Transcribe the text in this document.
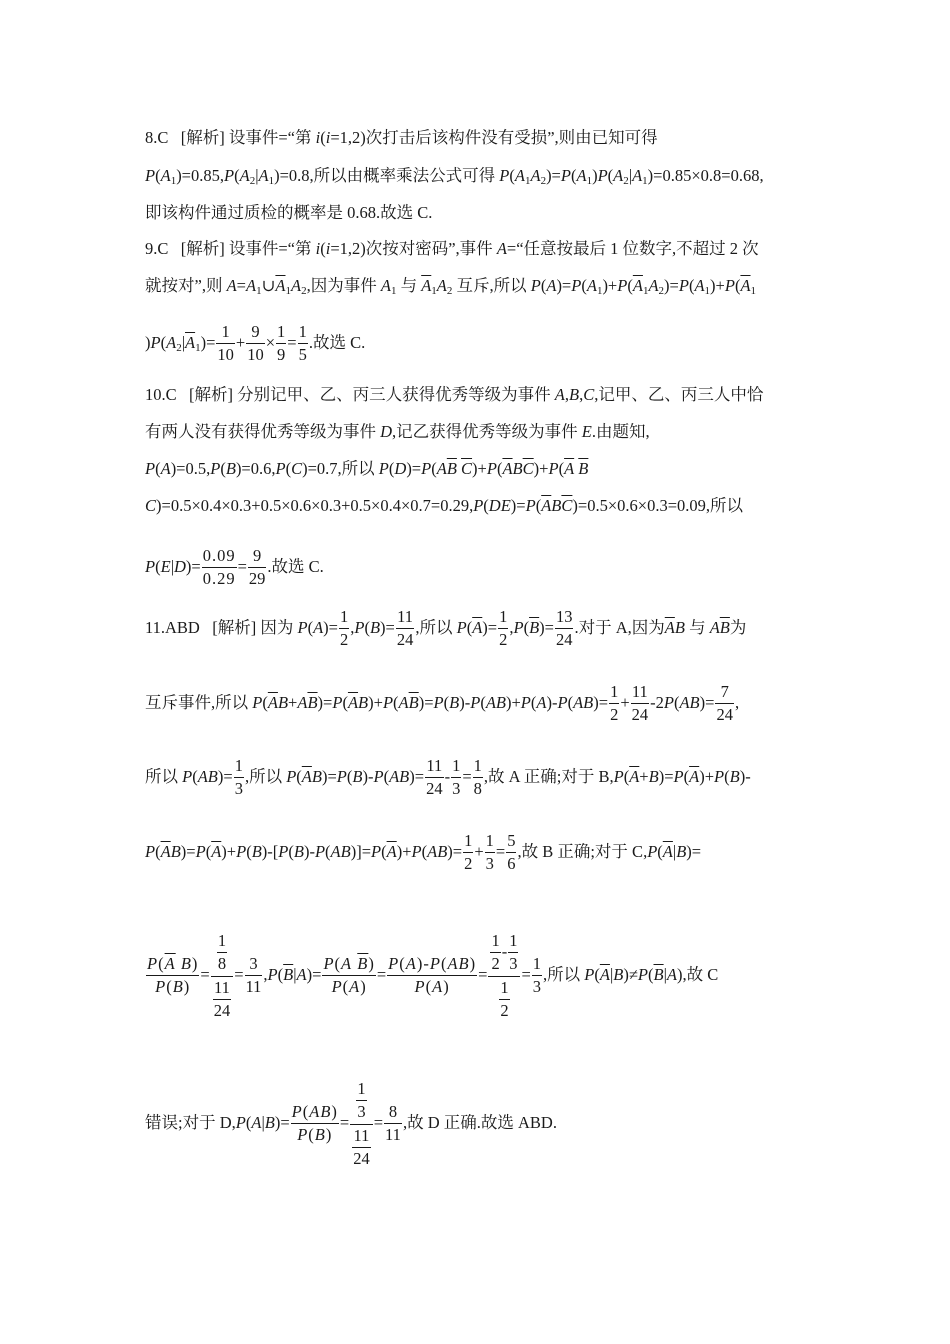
8.C   [解析] 设事件=“第 i(i=1,2)次打击后该构件没有受损”,则由已知可得
$P(A_1)=0.85,P(A_2|A_1)=0.8$,所以由概率乘法公式可得 $P(A_1A_2)=P(A_1)P(A_2|A_1)=0.85\times 0.8=0.68$,
即该构件通过质检的概率是 0.68.故选 C.
9.C   [解析] 设事件=“第 i(i=1,2)次按对密码”,事件 A=“任意按最后 1 位数字,不超过 2 次
就按对”,则 $A=A_1\cup\overline{A}_1A_2$,因为事件 $A_1$ 与 $\overline{A}_1A_2$ 互斥,所以 $P(A)=P(A_1)+P(\overline{A}_1A_2)=P(A_1)+P(\overline{A}_1$
)$P(A_2|\overline{A}_1)= \frac{1}{10} + \frac{9}{10} \times \frac{1}{9} = \frac{1}{5}$ .故选 C.
10.C   [解析] 分别记甲、乙、丙三人获得优秀等级为事件 A,B,C,记甲、乙、丙三人中恰
有两人没有获得优秀等级为事件 D,记乙获得优秀等级为事件 E.由题知,
P(A)=0.5,P(B)=0.6,P(C)=0.7,所以 $P(D)=P(A\overline{B}$ $\overline{C})+P(\overline{A}B\overline{C})+P(\overline{A}$ $\overline{B}$
$C)=0.5\times 0.4\times 0.3+0.5\times 0.6\times 0.3+0.5\times 0.4\times 0.7=0.29,P(DE)=P(\overline{A}B\overline{C})=0.5\times 0.6\times 0.3=0.09$,所以
$P(E|D)= \frac{0.09}{0.29} = \frac{9}{29}$ .故选 C.
11.ABD   [解析] 因为 $P(A)= \frac{1}{2} ,P(B)= \frac{11}{24}$ ,所以 $P(\overline{A})= \frac{1}{2} ,P(\overline{B})= \frac{13}{24}$ .对于 A,因为$\overline{A}B$ 与 $A\overline{B}$为
互斥事件,所以 $P(\overline{A}B+A\overline{B})=P(\overline{A}B)+P(A\overline{B})=P(B)-P(AB)+P(A)-P(AB)= \frac{1}{2} + \frac{11}{24} -2P(AB)= \frac{7}{24}$ ,
所以 $P(AB)= \frac{1}{3}$ ,所以 $P(\overline{A}B)=P(B)-P(AB)= \frac{11}{24} - \frac{1}{3} = \frac{1}{8}$ ,故 A 正确;对于 $B,P(\overline{A}+B)=P(\overline{A})+P(B)-$
$P(\overline{A}B)=P(\overline{A})+P(B)-[P(B)-P(AB)]=P(\overline{A})+P(AB)= \frac{1}{2} + \frac{1}{3} = \frac{5}{6}$ ,故 B 正确;对于 $C,P(\overline{A}|B)=$
$\frac{P(\overline{A} B)}{P(B)} = \frac{\frac{1}{8}}{\frac{11}{24}} = \frac{3}{11} ,P(\overline{B}|A)= \frac{P(A \overline{B})}{P(A)} = \frac{P(A)-P(AB)}{P(A)} = \frac{\frac{1}{2} - \frac{1}{3}}{\frac{1}{2}} = \frac{1}{3}$ ,所以 $P(\overline{A}|B)\ne P(\overline{B}|A)$,故 C
错误;对于 $D,P(A|B)= \frac{P(AB)}{P(B)} = \frac{\frac{1}{3}}{\frac{11}{24}} = \frac{8}{11}$ ,故 D 正确.故选 ABD.
